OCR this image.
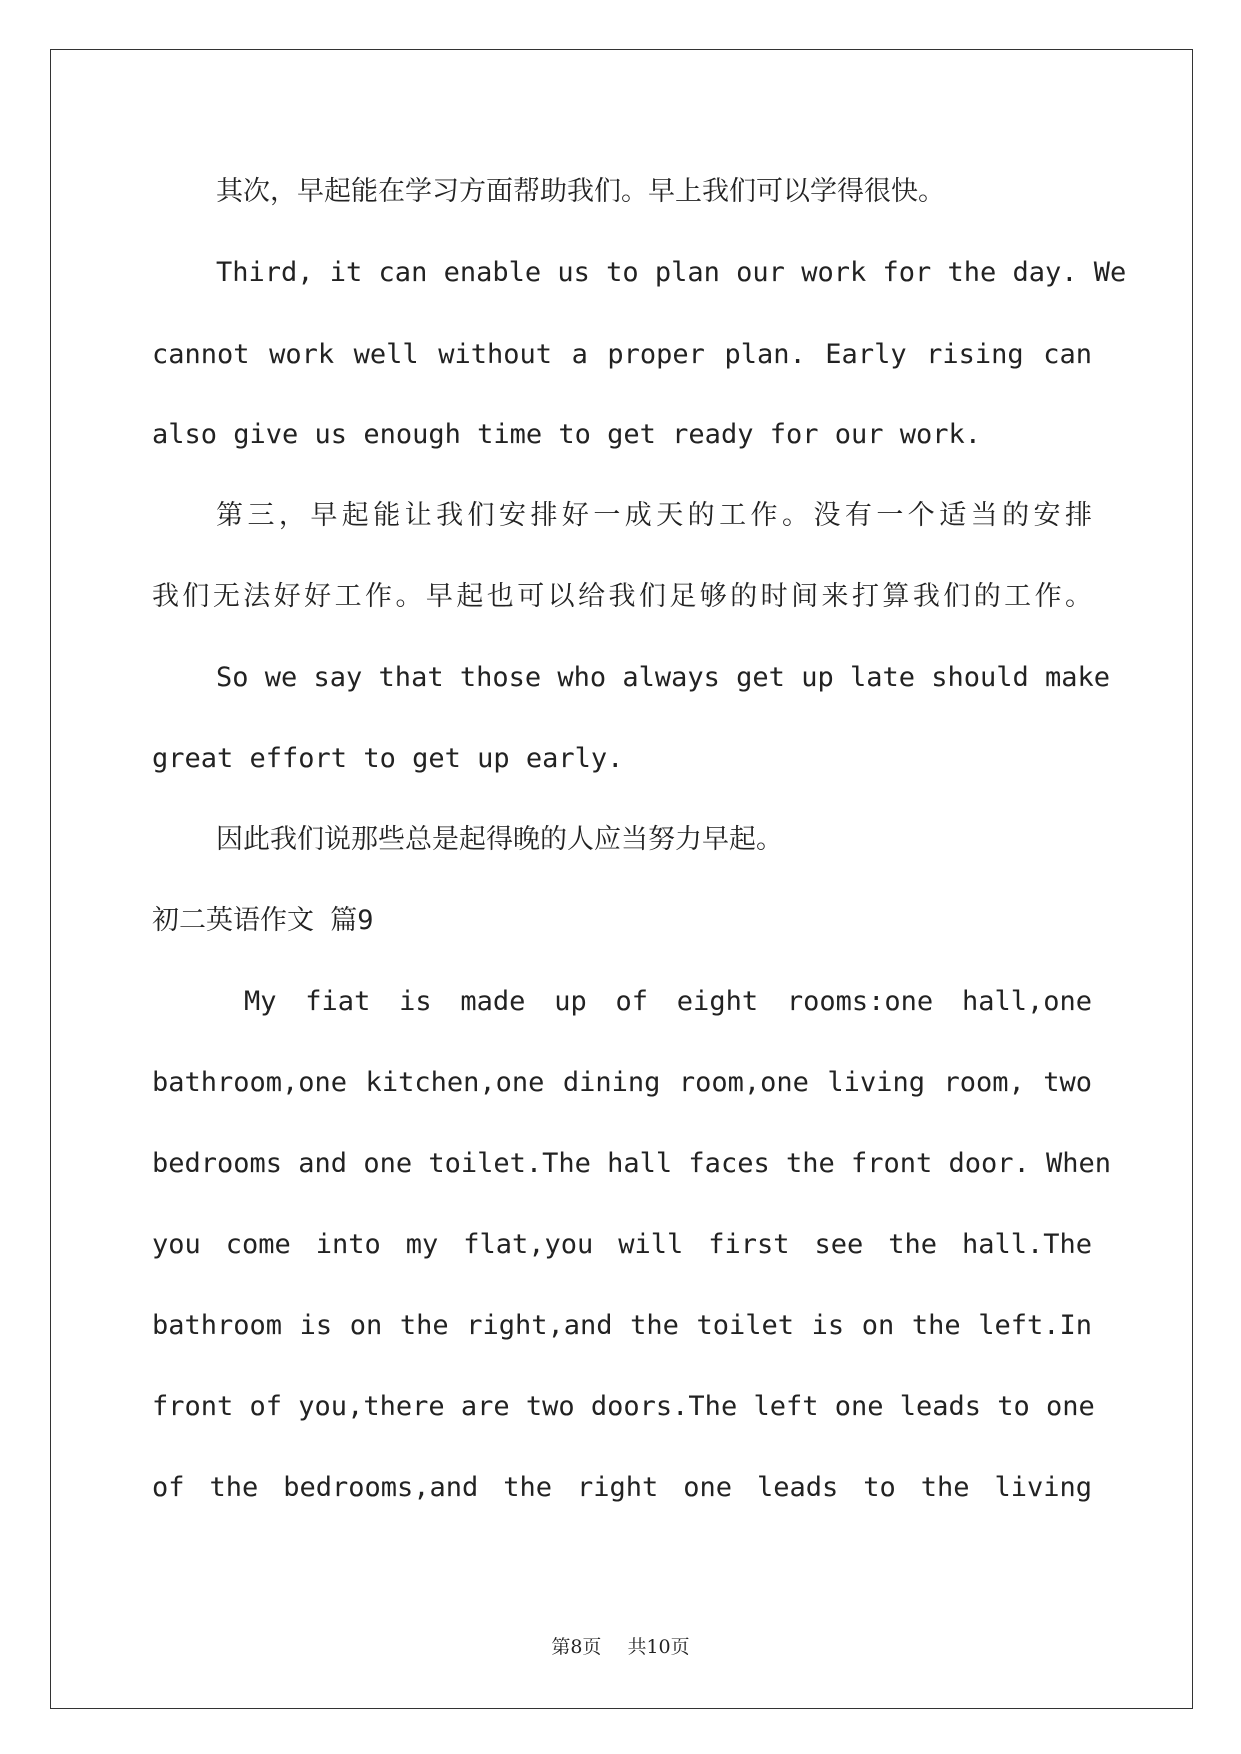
其次，早起能在学习方面帮助我们。早上我们可以学得很快。
Third, it can enable us to plan our work for the day. We
cannot work well without a proper plan. Early rising can
also give us enough time to get ready for our work.
第三，早起能让我们安排好一成天的工作。没有一个适当的安排
我们无法好好工作。早起也可以给我们足够的时间来打算我们的工作。
So we say that those who always get up late should make
great effort to get up early.
因此我们说那些总是起得晚的人应当努力早起。
初二英语作文 篇9
My fiat is made up of eight rooms:one hall,one
bathroom,one kitchen,one dining room,one living room, two
bedrooms and one toilet.The hall faces the front door. When
you come into my flat,you will first see the hall.The
bathroom is on the right,and the toilet is on the left.In
front of you,there are two doors.The left one leads to one
of the bedrooms,and the right one leads to the living
第8页 共10页
